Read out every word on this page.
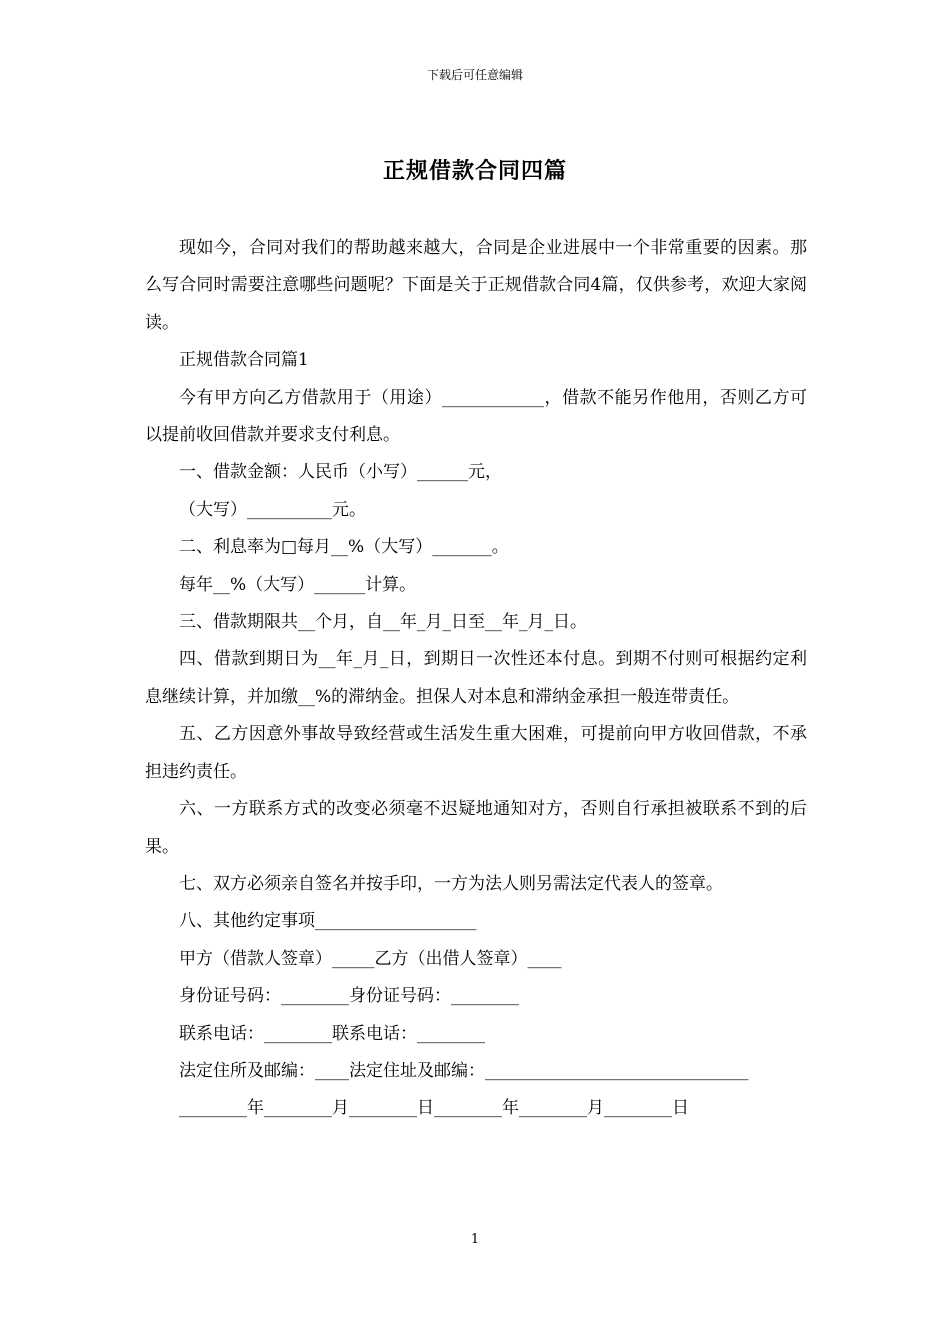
下载后可任意编辑
正规借款合同四篇

现如今，合同对我们的帮助越来越大，合同是企业进展中一个非常重要的因素。那么写合同时需要注意哪些问题呢？下面是关于正规借款合同4篇，仅供参考，欢迎大家阅读。

正规借款合同篇1

今有甲方向乙方借款用于（用途）____________，借款不能另作他用，否则乙方可以提前收回借款并要求支付利息。

一、借款金额：人民币（小写）______元，

（大写）__________元。

二、利息率为□每月__%（大写）_______。

每年__%（大写）______计算。

三、借款期限共__个月，自__年_月_日至__年_月_日。

四、借款到期日为__年_月_日，到期日一次性还本付息。到期不付则可根据约定利息继续计算，并加缴__%的滞纳金。担保人对本息和滞纳金承担一般连带责任。

五、乙方因意外事故导致经营或生活发生重大困难，可提前向甲方收回借款，不承担违约责任。

六、一方联系方式的改变必须毫不迟疑地通知对方，否则自行承担被联系不到的后果。

七、双方必须亲自签名并按手印，一方为法人则另需法定代表人的签章。

八、其他约定事项___________________

甲方（借款人签章）_____乙方（出借人签章）____

身份证号码：________身份证号码：________

联系电话：________联系电话：________

法定住所及邮编：____法定住址及邮编：_______________________________

________年________月________日________年________月________日

1
